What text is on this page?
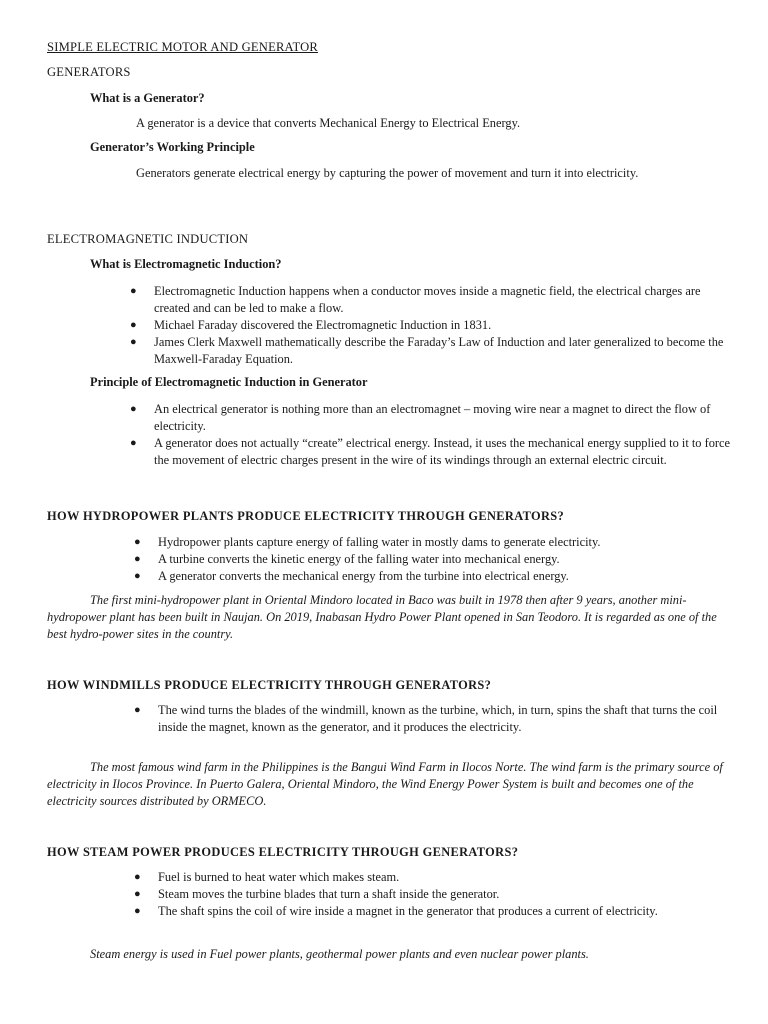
SIMPLE ELECTRIC MOTOR AND GENERATOR
GENERATORS
What is a Generator?
A generator is a device that converts Mechanical Energy to Electrical Energy.
Generator’s Working Principle
Generators generate electrical energy by capturing the power of movement and turn it into electricity.
ELECTROMAGNETIC INDUCTION
What is Electromagnetic Induction?
●	Electromagnetic Induction happens when a conductor moves inside a magnetic field, the electrical charges are created and can be led to make a flow.
●	Michael Faraday discovered the Electromagnetic Induction in 1831.
●	James Clerk Maxwell mathematically describe the Faraday’s Law of Induction and later generalized to become the Maxwell-Faraday Equation.
Principle of Electromagnetic Induction in Generator
●	An electrical generator is nothing more than an electromagnet – moving wire near a magnet to direct the flow of electricity.
●	A generator does not actually “create” electrical energy. Instead, it uses the mechanical energy supplied to it to force the movement of electric charges present in the wire of its windings through an external electric circuit.
HOW HYDROPOWER PLANTS PRODUCE ELECTRICITY THROUGH GENERATORS?
●	Hydropower plants capture energy of falling water in mostly dams to generate electricity.
●	A turbine converts the kinetic energy of the falling water into mechanical energy.
●	A generator converts the mechanical energy from the turbine into electrical energy.
The first mini-hydropower plant in Oriental Mindoro located in Baco was built in 1978 then after 9 years, another mini-hydropower plant has been built in Naujan. On 2019, Inabasan Hydro Power Plant opened in San Teodoro. It is regarded as one of the best hydro-power sites in the country.
HOW WINDMILLS PRODUCE ELECTRICITY THROUGH GENERATORS?
●	The wind turns the blades of the windmill, known as the turbine, which, in turn, spins the shaft that turns the coil inside the magnet, known as the generator, and it produces the electricity.
The most famous wind farm in the Philippines is the Bangui Wind Farm in Ilocos Norte. The wind farm is the primary source of electricity in Ilocos Province. In Puerto Galera, Oriental Mindoro, the Wind Energy Power System is built and becomes one of the electricity sources distributed by ORMECO.
HOW STEAM POWER PRODUCES ELECTRICITY THROUGH GENERATORS?
●	Fuel is burned to heat water which makes steam.
●	Steam moves the turbine blades that turn a shaft inside the generator.
●	The shaft spins the coil of wire inside a magnet in the generator that produces a current of electricity.
Steam energy is used in Fuel power plants, geothermal power plants and even nuclear power plants.
